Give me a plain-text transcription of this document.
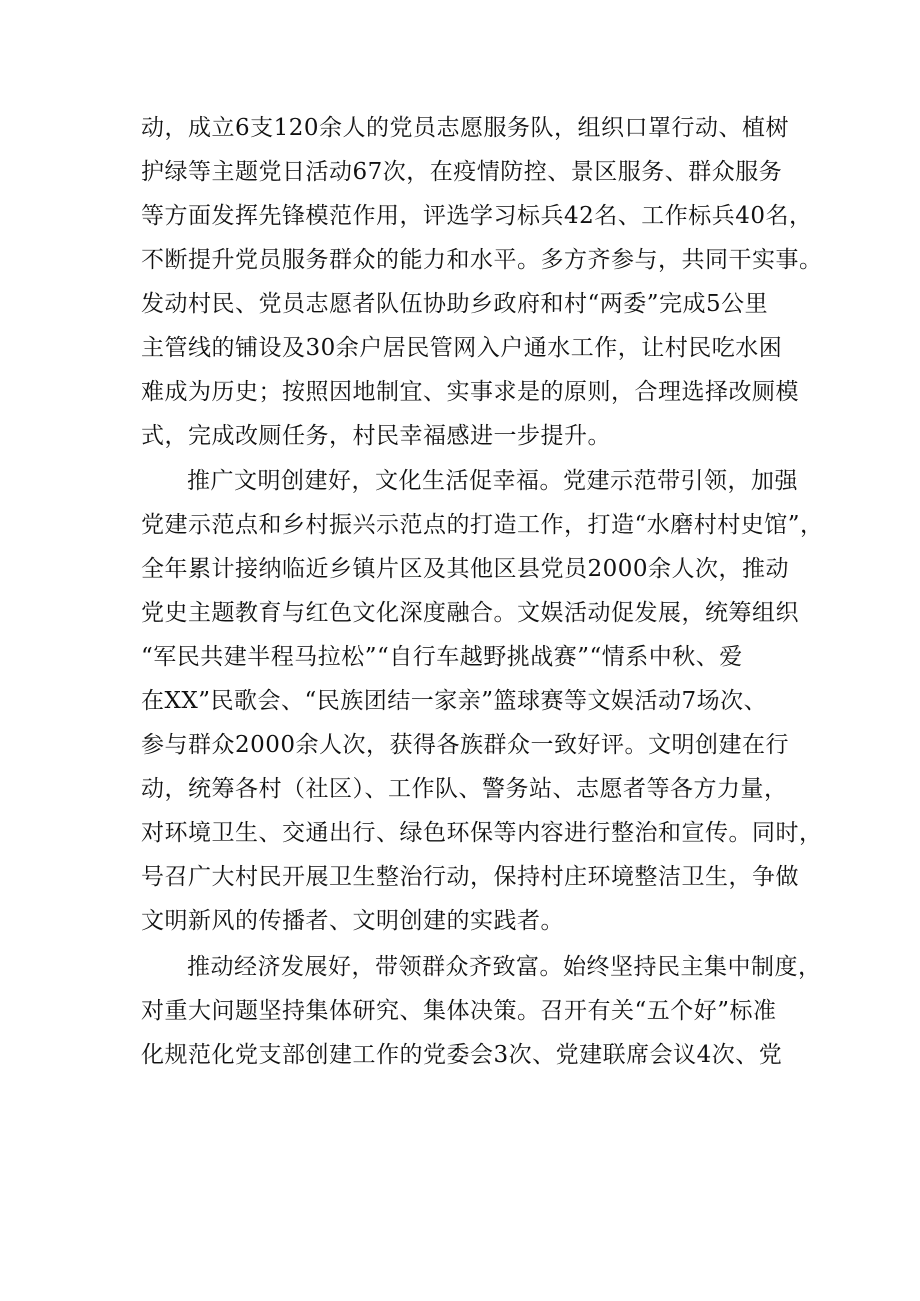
动，成立6支120余人的党员志愿服务队，组织口罩行动、植树
护绿等主题党日活动67次，在疫情防控、景区服务、群众服务
等方面发挥先锋模范作用，评选学习标兵42名、工作标兵40名，
不断提升党员服务群众的能力和水平。多方齐参与，共同干实事。
发动村民、党员志愿者队伍协助乡政府和村“两委”完成5公里
主管线的铺设及30余户居民管网入户通水工作，让村民吃水困
难成为历史；按照因地制宜、实事求是的原则，合理选择改厕模
式，完成改厕任务，村民幸福感进一步提升。
推广文明创建好，文化生活促幸福。党建示范带引领，加强
党建示范点和乡村振兴示范点的打造工作，打造“水磨村村史馆”，
全年累计接纳临近乡镇片区及其他区县党员2000余人次，推动
党史主题教育与红色文化深度融合。文娱活动促发展，统筹组织
“军民共建半程马拉松”“自行车越野挑战赛”“情系中秋、爱
在XX”民歌会、“民族团结一家亲”篮球赛等文娱活动7场次、
参与群众2000余人次，获得各族群众一致好评。文明创建在行
动，统筹各村（社区）、工作队、警务站、志愿者等各方力量，
对环境卫生、交通出行、绿色环保等内容进行整治和宣传。同时，
号召广大村民开展卫生整治行动，保持村庄环境整洁卫生，争做
文明新风的传播者、文明创建的实践者。
推动经济发展好，带领群众齐致富。始终坚持民主集中制度，
对重大问题坚持集体研究、集体决策。召开有关“五个好”标准
化规范化党支部创建工作的党委会3次、党建联席会议4次、党
